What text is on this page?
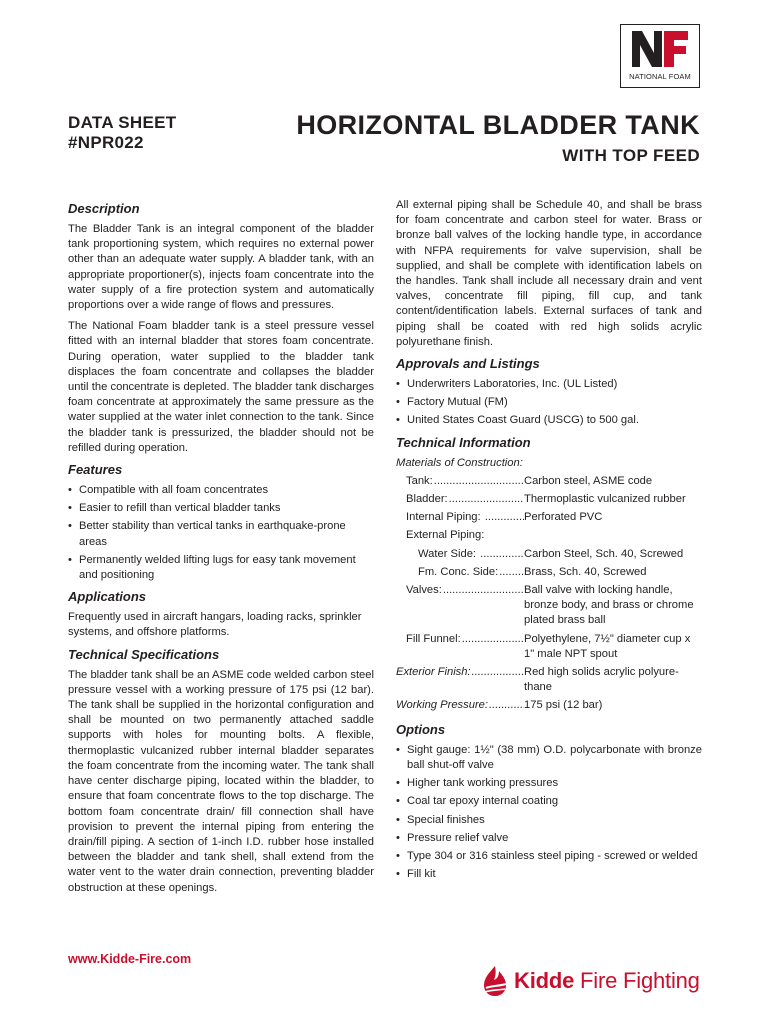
NATIONAL FOAM
DATA SHEET
#NPR022
HORIZONTAL BLADDER TANK
WITH TOP FEED
Description

The Bladder Tank is an integral component of the bladder tank proportioning system, which requires no external power other than an adequate water supply. A bladder tank, with an appropriate proportioner(s), injects foam concentrate into the water supply of a fire protection system and automatically proportions over a wide range of flows and pressures.

The National Foam bladder tank is a steel pressure vessel fitted with an internal bladder that stores foam concentrate. During operation, water supplied to the bladder tank displaces the foam concentrate and collapses the bladder until the concentrate is depleted. The bladder tank discharges foam concentrate at approximately the same pressure as the water supplied at the water inlet connection to the tank. Since the bladder tank is pressurized, the bladder should not be refilled during operation.

Features
• Compatible with all foam concentrates
• Easier to refill than vertical bladder tanks
• Better stability than vertical tanks in earthquake-prone areas
• Permanently welded lifting lugs for easy tank movement and positioning
Applications

Frequently used in aircraft hangars, loading racks, sprinkler systems, and offshore platforms.

Technical Specifications

The bladder tank shall be an ASME code welded carbon steel pressure vessel with a working pressure of 175 psi (12 bar). The tank shall be supplied in the horizontal configuration and shall be mounted on two permanently attached saddle supports with holes for mounting bolts. A flexible, thermoplastic vulcanized rubber internal bladder separates the foam concentrate from the incoming water. The tank shall have center discharge piping, located within the bladder, to ensure that foam concentrate flows to the top discharge. The bottom foam concentrate drain/ fill connection shall have provision to prevent the internal piping from entering the drain/fill piping. A section of 1-inch I.D. rubber hose installed between the bladder and tank shell, shall extend from the water vent to the water drain connection, preventing bladder obstruction at these openings.

All external piping shall be Schedule 40, and shall be brass for foam concentrate and carbon steel for water. Brass or bronze ball valves of the locking handle type, in accordance with NFPA requirements for valve supervision, shall be supplied, and shall be complete with identification labels on the handles. Tank shall include all necessary drain and vent valves, concentrate fill piping, fill cup, and tank content/identification labels. External surfaces of tank and piping shall be coated with red high solids acrylic polyurethane finish.

Approvals and Listings
• Underwriters Laboratories, Inc. (UL Listed)
• Factory Mutual (FM)
• United States Coast Guard (USCG) to 500 gal.
Technical Information
Materials of Construction:
Tank: .....	Carbon steel, ASME code
Bladder: .....	Thermoplastic vulcanized rubber
Internal Piping: .....	Perforated PVC
External Piping:
Water Side: .....	Carbon Steel, Sch. 40, Screwed
Fm. Conc. Side: .....	Brass, Sch. 40, Screwed
Valves: .....	Ball valve with locking handle, bronze body, and brass or chrome plated brass ball
Fill Funnel: .....	Polyethylene, 7½" diameter cup x 1" male NPT spout
Exterior Finish: .....	Red high solids acrylic polyure-thane
Working Pressure: .....	175 psi (12 bar)
Options
• Sight gauge: 1½" (38 mm) O.D. polycarbonate with bronze ball shut-off valve
• Higher tank working pressures
• Coal tar epoxy internal coating
• Special finishes
• Pressure relief valve
• Type 304 or 316 stainless steel piping - screwed or welded
• Fill kit
www.Kidde-Fire.com
Kidde Fire Fighting
